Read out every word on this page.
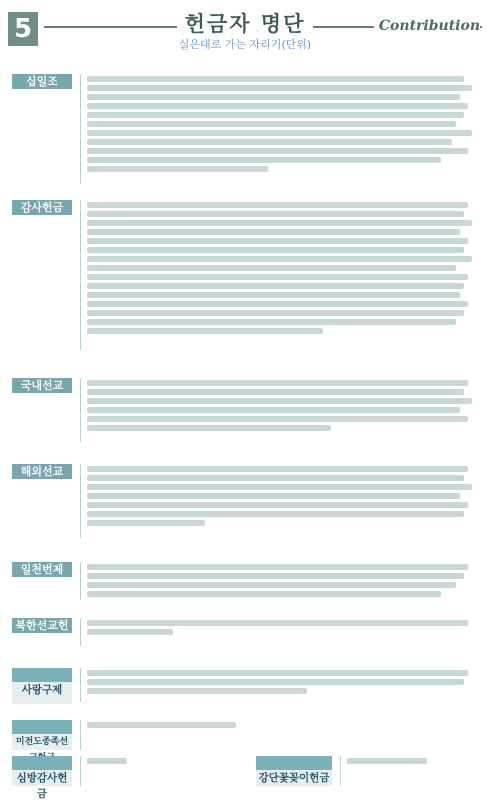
5	헌금자 명단
실은대로 가는 자리기(단위)
Contribution
십일조
감사헌금
국내선교
해외선교
일천번제
북한선교헌금
사랑구제
미전도종족선
심방감사헌금
강단꽃꽂이헌금
